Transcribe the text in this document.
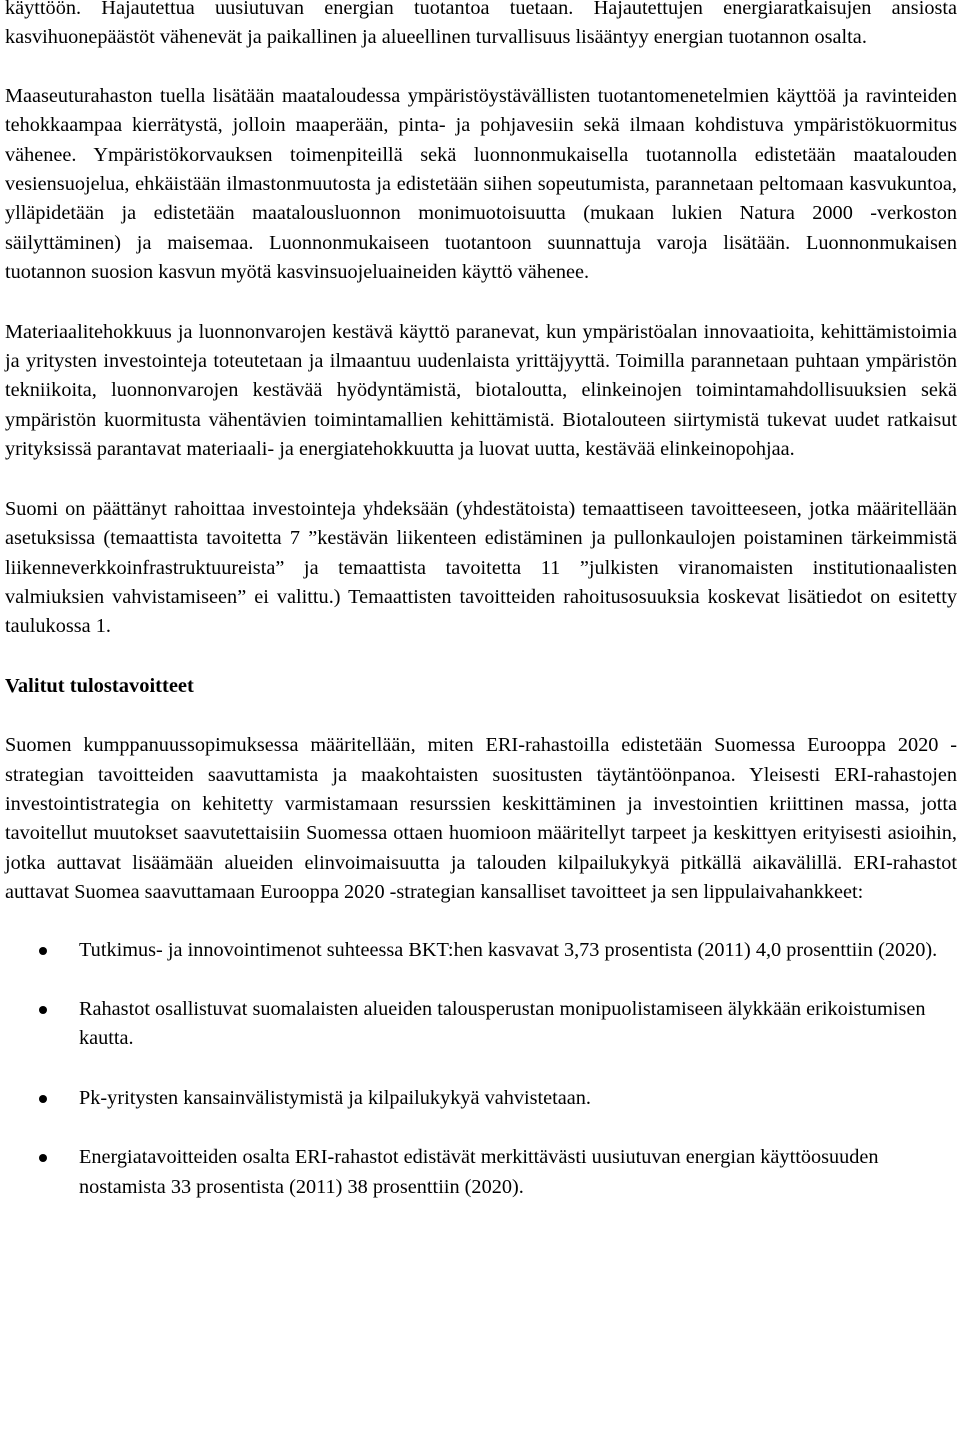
käyttöön. Hajautettua uusiutuvan energian tuotantoa tuetaan. Hajautettujen energiaratkaisujen ansiosta kasvihuonepäästöt vähenevät ja paikallinen ja alueellinen turvallisuus lisääntyy energian tuotannon osalta.

Maaseuturahaston tuella lisätään maataloudessa ympäristöystävällisten tuotantomenetelmien käyttöä ja ravinteiden tehokkaampaa kierrätystä, jolloin maaperään, pinta- ja pohjavesiin sekä ilmaan kohdistuva ympäristökuormitus vähenee. Ympäristökorvauksen toimenpiteillä sekä luonnonmukaisella tuotannolla edistetään maatalouden vesiensuojelua, ehkäistään ilmastonmuutosta ja edistetään siihen sopeutumista, parannetaan peltomaan kasvukuntoa, ylläpidetään ja edistetään maatalousluonnon monimuotoisuutta (mukaan lukien Natura 2000 -verkoston säilyttäminen) ja maisemaa. Luonnonmukaiseen tuotantoon suunnattuja varoja lisätään. Luonnonmukaisen tuotannon suosion kasvun myötä kasvinsuojeluaineiden käyttö vähenee.

Materiaalitehokkuus ja luonnonvarojen kestävä käyttö paranevat, kun ympäristöalan innovaatioita, kehittämistoimia ja yritysten investointeja toteutetaan ja ilmaantuu uudenlaista yrittäjyyttä. Toimilla parannetaan puhtaan ympäristön tekniikoita, luonnonvarojen kestävää hyödyntämistä, biotaloutta, elinkeinojen toimintamahdollisuuksien sekä ympäristön kuormitusta vähentävien toimintamallien kehittämistä. Biotalouteen siirtymistä tukevat uudet ratkaisut yrityksissä parantavat materiaali- ja energiatehokkuutta ja luovat uutta, kestävää elinkeinopohjaa.

Suomi on päättänyt rahoittaa investointeja yhdeksään (yhdestätoista) temaattiseen tavoitteeseen, jotka määritellään asetuksissa (temaattista tavoitetta 7 ”kestävän liikenteen edistäminen ja pullonkaulojen poistaminen tärkeimmistä liikenneverkkoinfrastruktuureista” ja temaattista tavoitetta 11 ”julkisten viranomaisten institutionaalisten valmiuksien vahvistamiseen” ei valittu.) Temaattisten tavoitteiden rahoitusosuuksia koskevat lisätiedot on esitetty taulukossa 1.

Valitut tulostavoitteet

Suomen kumppanuussopimuksessa määritellään, miten ERI-rahastoilla edistetään Suomessa Eurooppa 2020 -strategian tavoitteiden saavuttamista ja maakohtaisten suositusten täytäntöönpanoa. Yleisesti ERI-rahastojen investointistrategia on kehitetty varmistamaan resurssien keskittäminen ja investointien kriittinen massa, jotta tavoitellut muutokset saavutettaisiin Suomessa ottaen huomioon määritellyt tarpeet ja keskittyen erityisesti asioihin, jotka auttavat lisäämään alueiden elinvoimaisuutta ja talouden kilpailukykyä pitkällä aikavälillä. ERI-rahastot auttavat Suomea saavuttamaan Eurooppa 2020 -strategian kansalliset tavoitteet ja sen lippulaivahankkeet:

Tutkimus- ja innovointimenot suhteessa BKT:hen kasvavat 3,73 prosentista (2011) 4,0 prosenttiin (2020).
Rahastot osallistuvat suomalaisten alueiden talousperustan monipuolistamiseen älykkään erikoistumisen kautta.
Pk-yritysten kansainvälistymistä ja kilpailukykyä vahvistetaan.
Energiatavoitteiden osalta ERI-rahastot edistävät merkittävästi uusiutuvan energian käyttöosuuden nostamista 33 prosentista (2011) 38 prosenttiin (2020).
